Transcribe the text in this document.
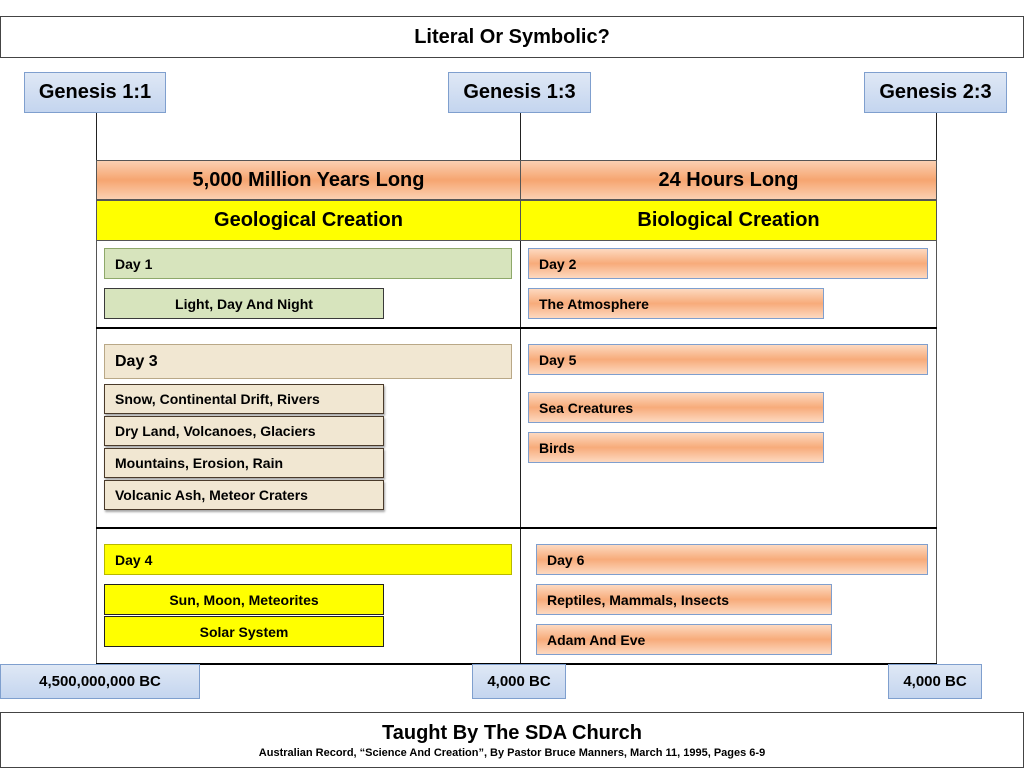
Literal Or Symbolic?
Genesis 1:1	Genesis 1:3	Genesis 2:3
5,000 Million Years Long	24 Hours Long
Geological Creation	Biological Creation
Day 1
Light, Day And Night
Day 2
The Atmosphere
Day 3
Snow, Continental Drift, Rivers
Dry Land, Volcanoes, Glaciers
Mountains, Erosion, Rain
Volcanic Ash, Meteor Craters
Day 5
Sea Creatures
Birds
Day 4
Sun, Moon, Meteorites
Solar System
Day 6
Reptiles, Mammals, Insects
Adam And Eve
4,500,000,000 BC	4,000 BC	4,000 BC
Taught By The SDA Church
Australian Record, “Science And Creation”, By Pastor Bruce Manners, March 11, 1995, Pages 6-9
